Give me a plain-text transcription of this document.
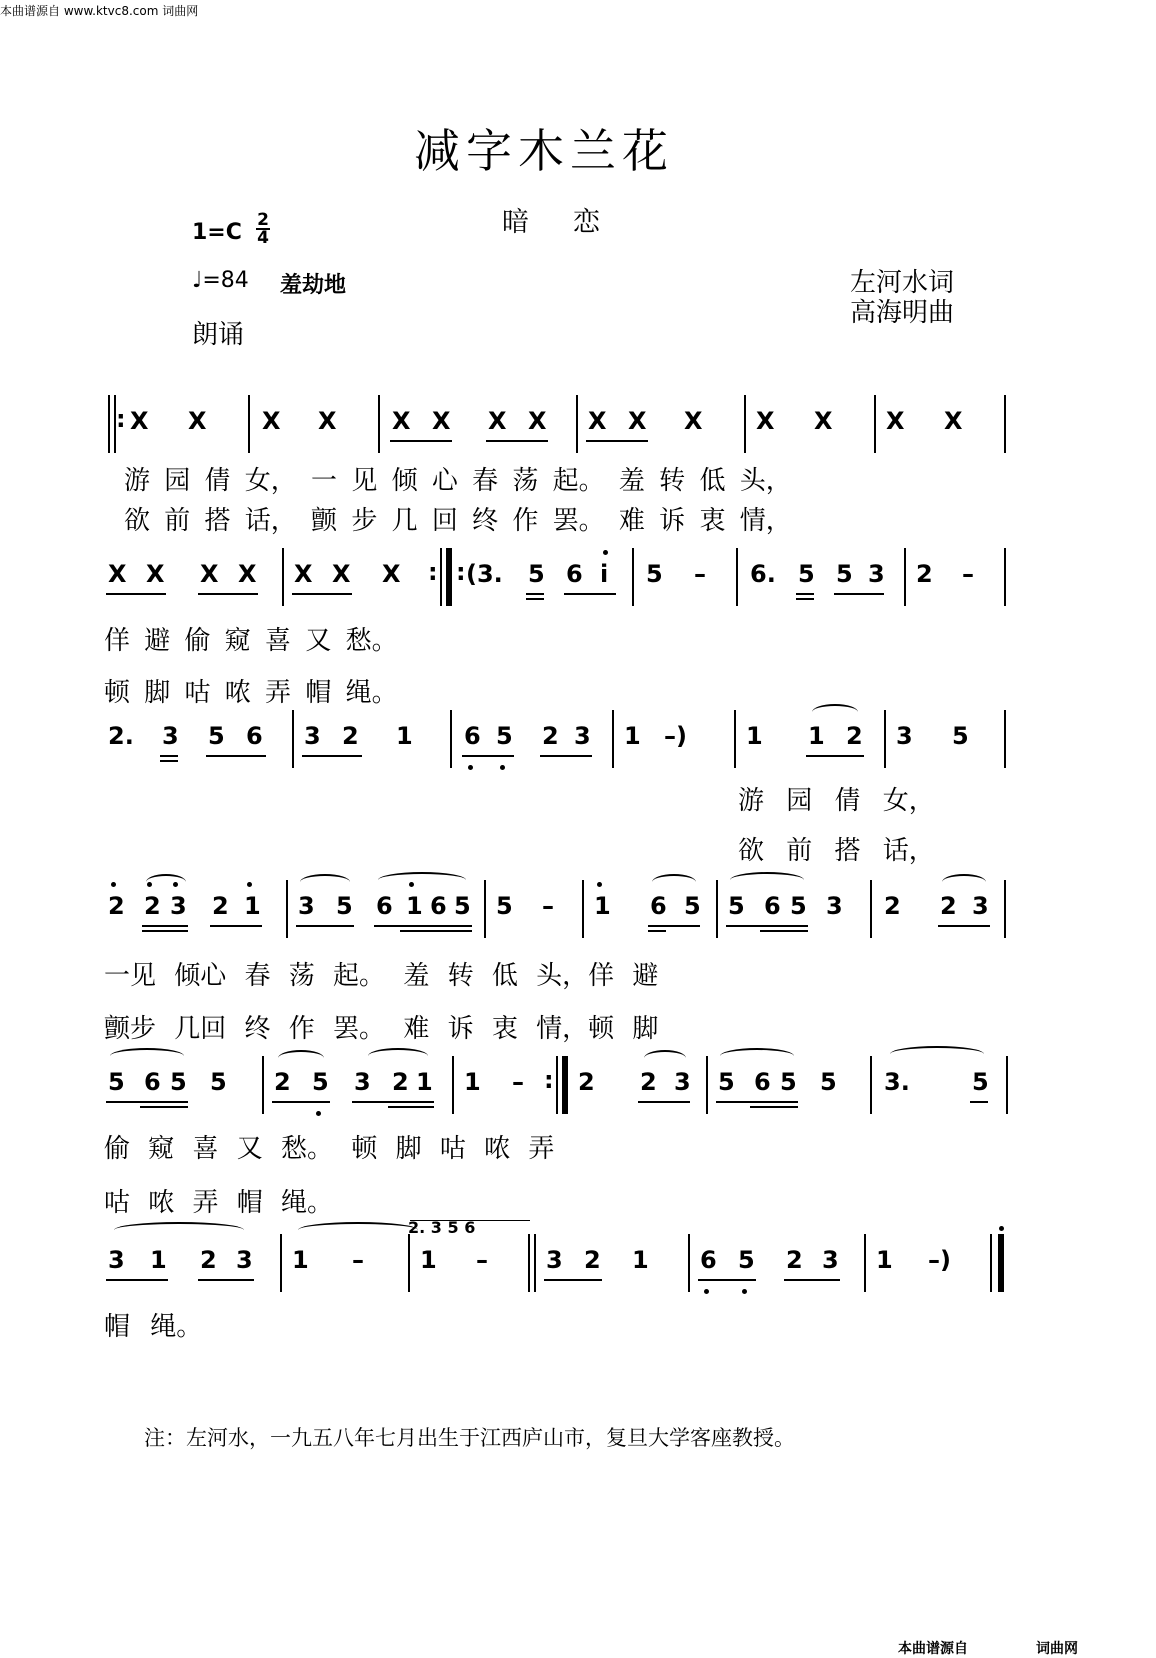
本曲谱源自 www.ktvc8.com 词曲网
减字木兰花
暗恋
1=C 2
4
♩=84 羞劫地
朗诵
左河水词
高海明曲
: X X X X X X X X X X X X X X X
游 园 倩 女， 一 见 倾 心 春 荡 起。 羞 转 低 头，
欲 前 搭 话， 颤 步 几 回 终 作 罢。 难 诉 衷 情，
X X X X X X X : : (3. 5 6 i 5 – 6. 5 5 3 2 –
佯 避 偷 窥 喜 又 愁。
顿 脚 咕 哝 弄 帽 绳。
2. 3 5 6 3 2 1 6 5 2 3 1 –) 1 1 2 3 5
游 园 倩 女，
欲 前 搭 话，
2 2 3 2 1 3 5 6 1 6 5 5 – 1 6 5 5 6 5 3 2 2 3
一见 倾心 春 荡 起。 羞 转 低 头，佯 避
颤步 几回 终 作 罢。 难 诉 衷 情，顿 脚
5 6 5 5 2 5 3 2 1 1 – : 2 2 3 5 6 5 5 3.	5
偷 窥 喜 又 愁。 顿 脚 咕 哝 弄
咕 哝 弄 帽 绳。
3 1 2 3 1 –
2. 3 5 6
1 – 3 2 1 6 5 2 3 1 –)
帽 绳。
注：左河水，一九五八年七月出生于江西庐山市，复旦大学客座教授。
本曲谱源自	词曲网
